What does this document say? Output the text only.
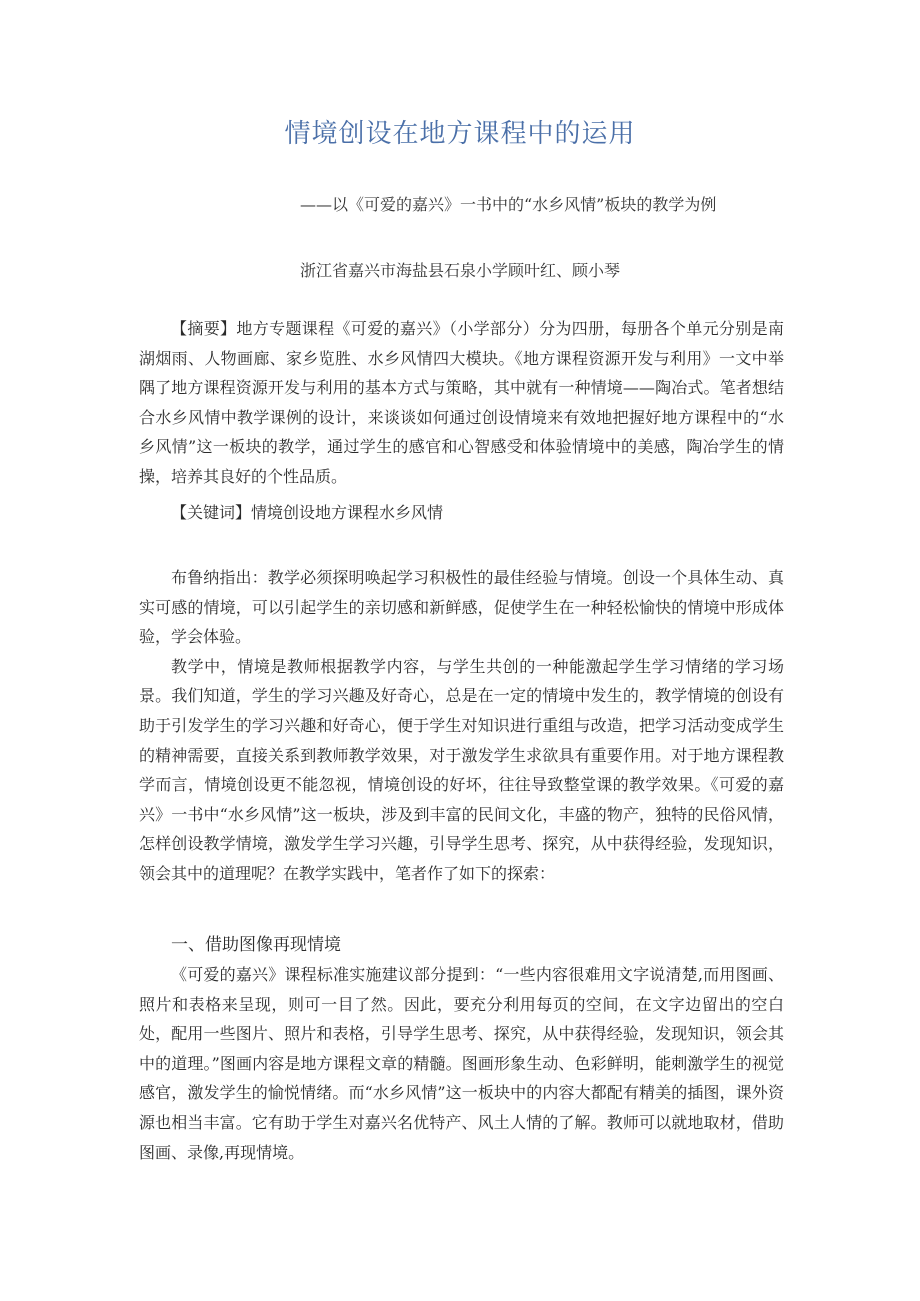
情境创设在地方课程中的运用
——以《可爱的嘉兴》一书中的“水乡风情”板块的教学为例
浙江省嘉兴市海盐县石泉小学顾叶红、顾小琴

【摘要】地方专题课程《可爱的嘉兴》（小学部分）分为四册，每册各个单元分别是南湖烟雨、人物画廊、家乡览胜、水乡风情四大模块。《地方课程资源开发与利用》一文中举隅了地方课程资源开发与利用的基本方式与策略，其中就有一种情境——陶冶式。笔者想结合水乡风情中教学课例的设计，来谈谈如何通过创设情境来有效地把握好地方课程中的“水乡风情”这一板块的教学，通过学生的感官和心智感受和体验情境中的美感，陶冶学生的情操，培养其良好的个性品质。

【关键词】情境创设地方课程水乡风情

布鲁纳指出：教学必须探明唤起学习积极性的最佳经验与情境。创设一个具体生动、真实可感的情境，可以引起学生的亲切感和新鲜感，促使学生在一种轻松愉快的情境中形成体验，学会体验。

教学中，情境是教师根据教学内容，与学生共创的一种能激起学生学习情绪的学习场景。我们知道，学生的学习兴趣及好奇心，总是在一定的情境中发生的，教学情境的创设有助于引发学生的学习兴趣和好奇心，便于学生对知识进行重组与改造，把学习活动变成学生的精神需要，直接关系到教师教学效果，对于激发学生求欲具有重要作用。对于地方课程教学而言，情境创设更不能忽视，情境创设的好坏，往往导致整堂课的教学效果。《可爱的嘉兴》一书中“水乡风情”这一板块，涉及到丰富的民间文化，丰盛的物产，独特的民俗风情，怎样创设教学情境，激发学生学习兴趣，引导学生思考、探究，从中获得经验，发现知识，领会其中的道理呢？在教学实践中，笔者作了如下的探索：

一、借助图像再现情境

《可爱的嘉兴》课程标准实施建议部分提到：“一些内容很难用文字说清楚,而用图画、照片和表格来呈现，则可一目了然。因此，要充分利用每页的空间，在文字边留出的空白处，配用一些图片、照片和表格，引导学生思考、探究，从中获得经验，发现知识，领会其中的道理。”图画内容是地方课程文章的精髓。图画形象生动、色彩鲜明，能刺激学生的视觉感官，激发学生的愉悦情绪。而“水乡风情”这一板块中的内容大都配有精美的插图，课外资源也相当丰富。它有助于学生对嘉兴名优特产、风土人情的了解。教师可以就地取材，借助图画、录像,再现情境。
